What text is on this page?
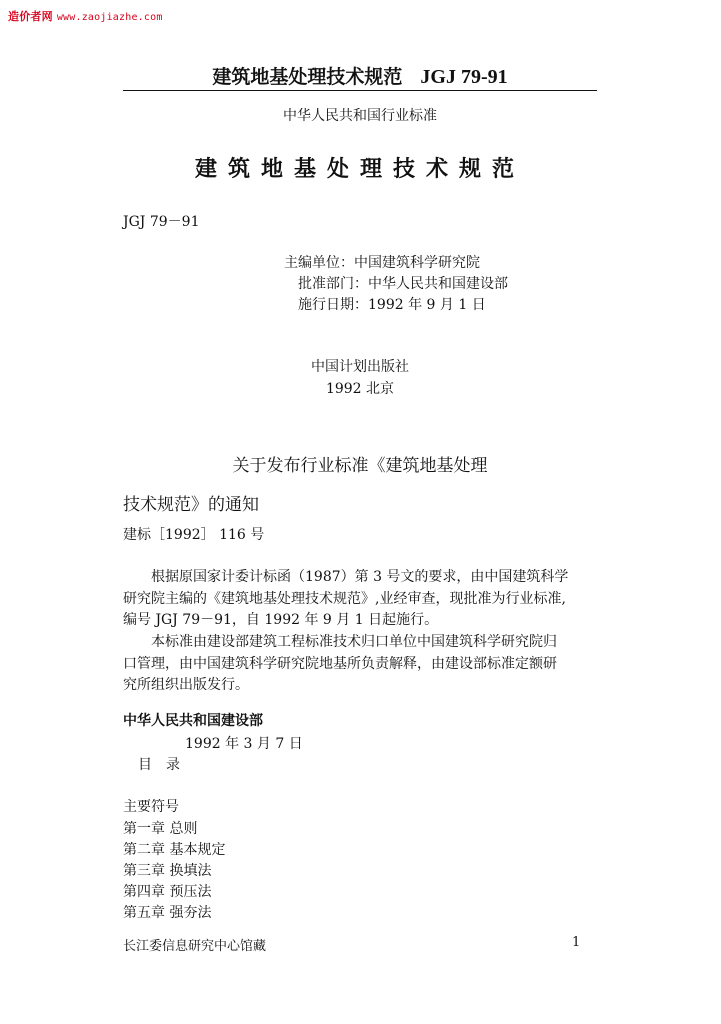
造价者网 www.zaojiazhe.com
建筑地基处理技术规范 JGJ 79-91
中华人民共和国行业标准
建筑地基处理技术规范
JGJ 79－91
主编单位：中国建筑科学研究院
批准部门：中华人民共和国建设部
施行日期：1992 年 9 月 1 日
中国计划出版社
1992 北京
关于发布行业标准《建筑地基处理
技术规范》的通知
建标［1992］ 116 号
根据原国家计委计标函（1987）第 3 号文的要求，由中国建筑科学
研究院主编的《建筑地基处理技术规范》,业经审查，现批准为行业标准,
编号 JGJ 79－91，自 1992 年 9 月 1 日起施行。
本标准由建设部建筑工程标准技术归口单位中国建筑科学研究院归
口管理，由中国建筑科学研究院地基所负责解释，由建设部标准定额研
究所组织出版发行。
中华人民共和国建设部
1992 年 3 月 7 日
目录
主要符号
第一章 总则
第二章 基本规定
第三章 换填法
第四章 预压法
第五章 强夯法
长江委信息研究中心馆藏	1
